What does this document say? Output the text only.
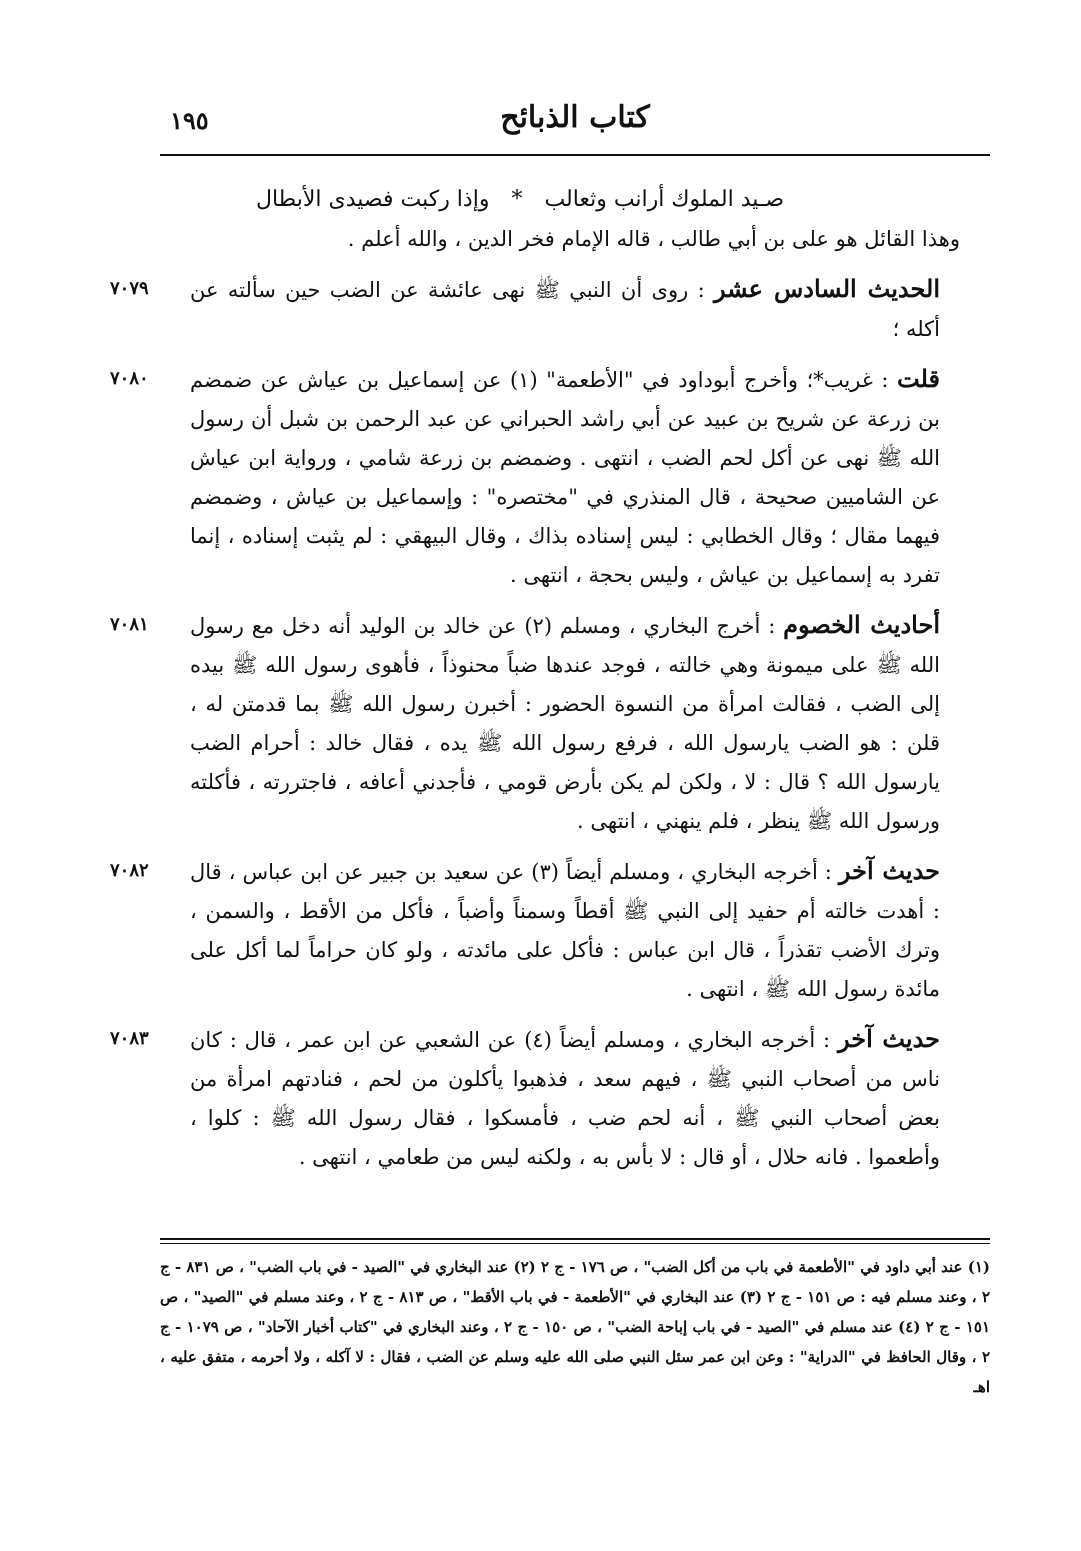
كتاب الذبائح
١٩٥
صـيد الملوك أرانب وثعالب*وإذا ركبت فصيدى الأبطال
وهذا القائل هو على بن أبي طالب ، قاله الإمام فخر الدين ، والله أعلم .
٧٠٧٩	الحديث السادس عشر : روى أن النبي ﷺ نهى عائشة عن الضب حين سألته عن أكله ؛
٧٠٨٠	قلت : غريب*؛ وأخرج أبوداود في "الأطعمة" (١) عن إسماعيل بن عياش عن ضمضم بن زرعة عن شريح بن عبيد عن أبي راشد الحبراني عن عبد الرحمن بن شبل أن رسول الله ﷺ نهى عن أكل لحم الضب ، انتهى . وضمضم بن زرعة شامي ، ورواية ابن عياش عن الشاميين صحيحة ، قال المنذري في "مختصره" : وإسماعيل بن عياش ، وضمضم فيهما مقال ؛ وقال الخطابي : ليس إسناده بذاك ، وقال البيهقي : لم يثبت إسناده ، إنما تفرد به إسماعيل بن عياش ، وليس بحجة ، انتهى .
٧٠٨١	أحاديث الخصوم : أخرج البخاري ، ومسلم (٢) عن خالد بن الوليد أنه دخل مع رسول الله ﷺ على ميمونة وهي خالته ، فوجد عندها ضباً محنوذاً ، فأهوى رسول الله ﷺ بيده إلى الضب ، فقالت امرأة من النسوة الحضور : أخبرن رسول الله ﷺ بما قدمتن له ، قلن : هو الضب يارسول الله ، فرفع رسول الله ﷺ يده ، فقال خالد : أحرام الضب يارسول الله ؟ قال : لا ، ولكن لم يكن بأرض قومي ، فأجدني أعافه ، فاجتررته ، فأكلته ورسول الله ﷺ ينظر ، فلم ينهني ، انتهى .
٧٠٨٢	حديث آخر : أخرجه البخاري ، ومسلم أيضاً (٣) عن سعيد بن جبير عن ابن عباس ، قال : أهدت خالته أم حفيد إلى النبي ﷺ أقطاً وسمناً وأضباً ، فأكل من الأقط ، والسمن ، وترك الأضب تقذراً ، قال ابن عباس : فأكل على مائدته ، ولو كان حراماً لما أكل على مائدة رسول الله ﷺ ، انتهى .
٧٠٨٣	حديث آخر : أخرجه البخاري ، ومسلم أيضاً (٤) عن الشعبي عن ابن عمر ، قال : كان ناس من أصحاب النبي ﷺ ، فيهم سعد ، فذهبوا يأكلون من لحم ، فنادتهم امرأة من بعض أصحاب النبي ﷺ ، أنه لحم ضب ، فأمسكوا ، فقال رسول الله ﷺ : كلوا ، وأطعموا . فانه حلال ، أو قال : لا بأس به ، ولكنه ليس من طعامي ، انتهى .
(١) عند أبي داود في "الأطعمة في باب من أكل الضب" ، ص ١٧٦ - ج ٢ (٢) عند البخاري في "الصيد - في باب الضب" ، ص ٨٣١ - ج ٢ ، وعند مسلم فيه : ص ١٥١ - ج ٢ (٣) عند البخاري في "الأطعمة - في باب الأقط" ، ص ٨١٣ - ج ٢ ، وعند مسلم في "الصيد" ، ص ١٥١ - ج ٢ (٤) عند مسلم في "الصيد - في باب إباحة الضب" ، ص ١٥٠ - ج ٢ ، وعند البخاري في "كتاب أخبار الآحاد" ، ص ١٠٧٩ - ج ٢ ، وقال الحافظ في "الدراية" : وعن ابن عمر سئل النبي صلى الله عليه وسلم عن الضب ، فقال : لا آكله ، ولا أحرمه ، متفق عليه ، اهـ
